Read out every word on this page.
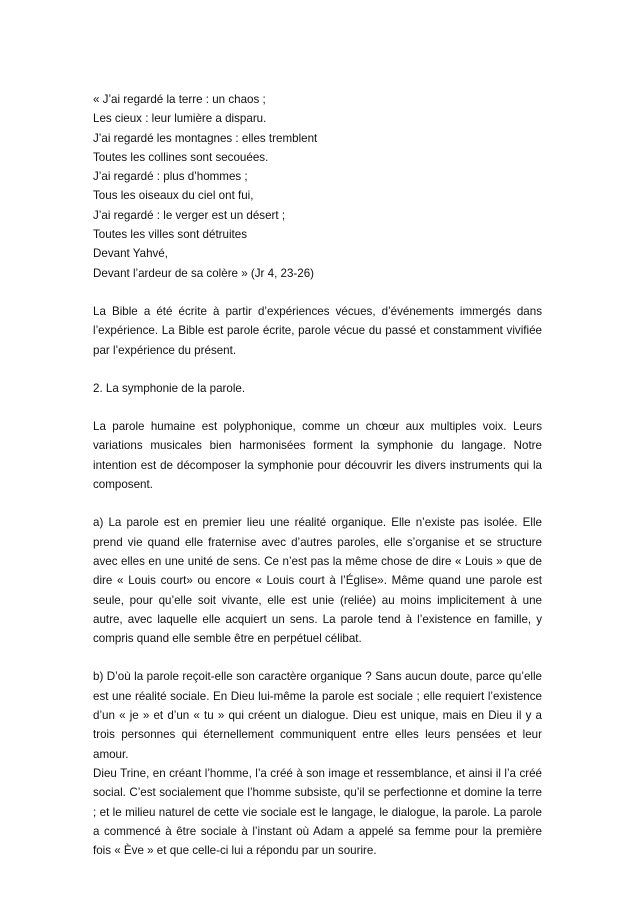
« J’ai regardé la terre : un chaos ;
Les cieux : leur lumière a disparu.
J’ai regardé les montagnes : elles tremblent
Toutes les collines sont secouées.
J’ai regardé : plus d’hommes ;
Tous les oiseaux du ciel ont fui,
J’ai regardé : le verger est un désert ;
Toutes les villes sont détruites
Devant Yahvé,
Devant l’ardeur de sa colère » (Jr 4, 23-26)

La Bible a été écrite à partir d’expériences vécues, d’événements immergés dans l’expérience. La Bible est parole écrite, parole vécue du passé et constamment vivifiée par l’expérience du présent.

2. La symphonie de la parole.

La parole humaine est polyphonique, comme un chœur aux multiples voix. Leurs variations musicales bien harmonisées forment la symphonie du langage. Notre intention est de décomposer la symphonie pour découvrir les divers instruments qui la composent.

a) La parole est en premier lieu une réalité organique. Elle n’existe pas isolée. Elle prend vie quand elle fraternise avec d’autres paroles, elle s’organise et se structure avec elles en une unité de sens. Ce n’est pas la même chose de dire « Louis » que de dire « Louis court» ou encore « Louis court à l’Église». Même quand une parole est seule, pour qu’elle soit vivante, elle est unie (reliée) au moins implicitement à une autre, avec laquelle elle acquiert un sens. La parole tend à l’existence en famille, y compris quand elle semble être en perpétuel célibat.

b) D’où la parole reçoit-elle son caractère organique ? Sans aucun doute, parce qu’elle est une réalité sociale. En Dieu lui-même la parole est sociale ; elle requiert l’existence d’un « je » et d’un « tu » qui créent un dialogue. Dieu est unique, mais en Dieu il y a trois personnes qui éternellement communiquent entre elles leurs pensées et leur amour.

Dieu Trine, en créant l’homme, l’a créé à son image et ressemblance, et ainsi il l’a créé social. C’est socialement que l’homme subsiste, qu’il se perfectionne et domine la terre ; et le milieu naturel de cette vie sociale est le langage, le dialogue, la parole. La parole a commencé à être sociale à l’instant où Adam a appelé sa femme pour la première fois « Ève » et que celle-ci lui a répondu par un sourire.
